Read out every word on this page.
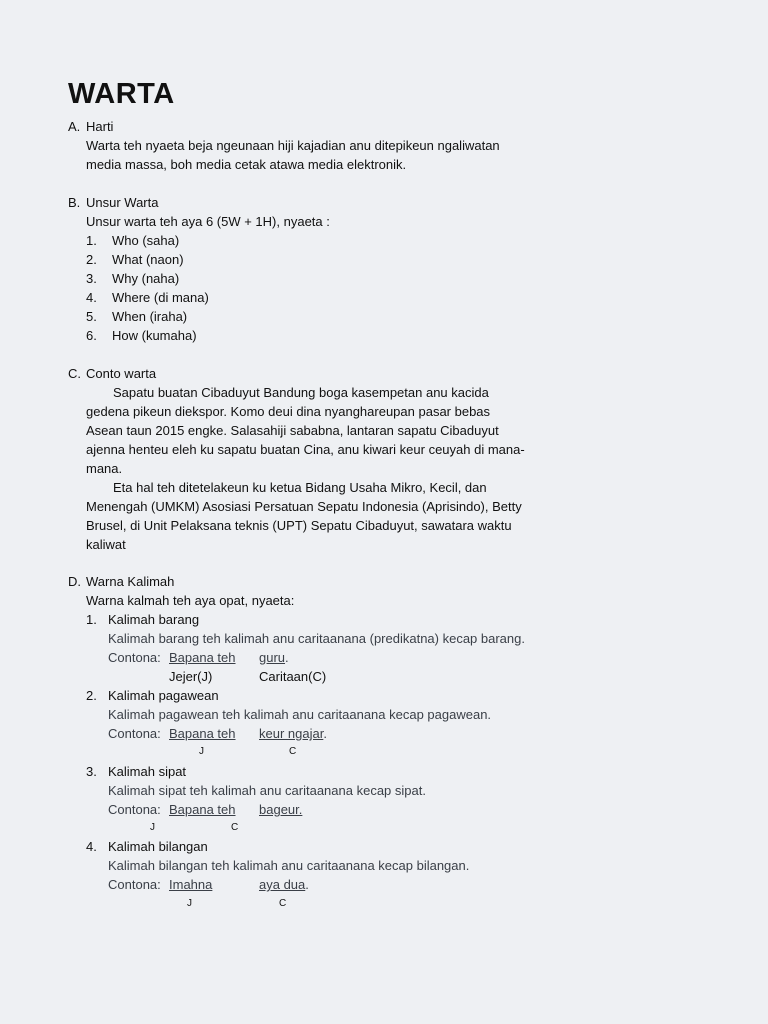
WARTA
A. Harti
Warta teh nyaeta beja ngeunaan hiji kajadian anu ditepikeun ngaliwatan
media massa, boh media cetak atawa media elektronik.
B. Unsur Warta
Unsur warta teh aya 6 (5W + 1H), nyaeta :
1. Who (saha)
2. What (naon)
3. Why (naha)
4. Where (di mana)
5. When (iraha)
6. How (kumaha)
C. Conto warta
Sapatu buatan Cibaduyut Bandung boga kasempetan anu kacida
gedena pikeun diekspor. Komo deui dina nyanghareupan pasar bebas
Asean taun 2015 engke. Salasahiji sababna, lantaran sapatu Cibaduyut
ajenna henteu eleh ku sapatu buatan Cina, anu kiwari keur ceuyah di mana-
mana.
Eta hal teh ditetelakeun ku ketua Bidang Usaha Mikro, Kecil, dan
Menengah (UMKM) Asosiasi Persatuan Sepatu Indonesia (Aprisindo), Betty
Brusel, di Unit Pelaksana teknis (UPT) Sepatu Cibaduyut, sawatara waktu
kaliwat
D. Warna Kalimah
Warna kalmah teh aya opat, nyaeta:
1. Kalimah barang
Kalimah barang teh kalimah anu caritaanana (predikatna) kecap barang.
Contona: Bapana teh guru.
Jejer(J)	Caritaan(C)
2. Kalimah pagawean
Kalimah pagawean teh kalimah anu caritaanana kecap pagawean.
Contona: Bapana teh keur ngajar.
J	C
3. Kalimah sipat
Kalimah sipat teh kalimah anu caritaanana kecap sipat.
Contona: Bapana teh bageur.
J	C
4. Kalimah bilangan
Kalimah bilangan teh kalimah anu caritaanana kecap bilangan.
Contona: Imahna	aya dua.
J	C
